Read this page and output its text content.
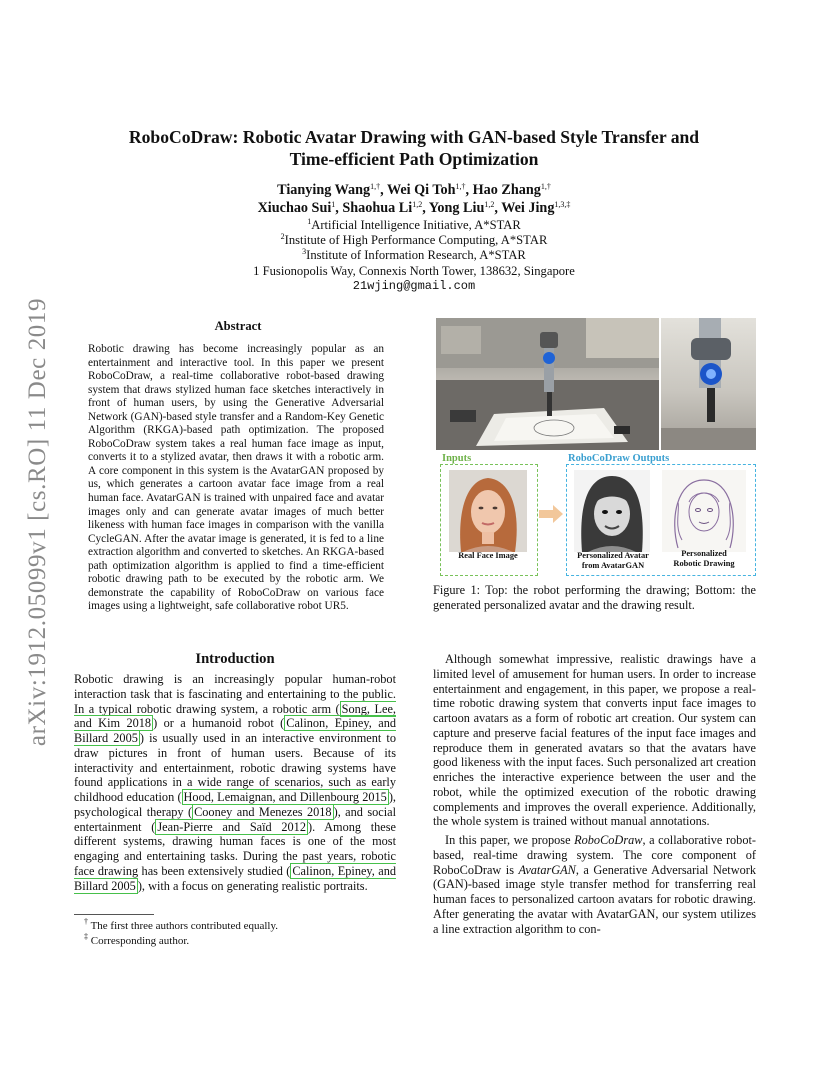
arXiv:1912.05099v1 [cs.RO] 11 Dec 2019
RoboCoDraw: Robotic Avatar Drawing with GAN-based Style Transfer and
Time-efficient Path Optimization
Tianying Wang$^{1,\dagger}$, Wei Qi Toh$^{1,\dagger}$, Hao Zhang$^{1,\dagger}$
Xiuchao Sui$^1$, Shaohua Li$^{1,2}$, Yong Liu$^{1,2}$, Wei Jing$^{1,3,\ddagger}$
$^1$Artificial Intelligence Initiative, A*STAR
$^2$Institute of High Performance Computing, A*STAR
$^3$Institute of Information Research, A*STAR
1 Fusionopolis Way, Connexis North Tower, 138632, Singapore
21wjing@gmail.com
Abstract
Robotic drawing has become increasingly popular as an entertainment and interactive tool. In this paper we present RoboCoDraw, a real-time collaborative robot-based drawing system that draws stylized human face sketches interactively in front of human users, by using the Generative Adversarial Network (GAN)-based style transfer and a Random-Key Genetic Algorithm (RKGA)-based path optimization. The proposed RoboCoDraw system takes a real human face image as input, converts it to a stylized avatar, then draws it with a robotic arm. A core component in this system is the AvatarGAN proposed by us, which generates a cartoon avatar face image from a real human face. AvatarGAN is trained with unpaired face and avatar images only and can generate avatar images of much better likeness with human face images in comparison with the vanilla CycleGAN. After the avatar image is generated, it is fed to a line extraction algorithm and converted to sketches. An RKGA-based path optimization algorithm is applied to find a time-efficient robotic drawing path to be executed by the robotic arm. We demonstrate the capability of RoboCoDraw on various face images using a lightweight, safe collaborative robot UR5.
Inputs	RoboCoDraw Outputs
Real Face Image	Personalized Avatar
from AvatarGAN
Personalized
Robotic Drawing
Figure 1: Top: the robot performing the drawing; Bottom: the generated personalized avatar and the drawing result.
Introduction

Robotic drawing is an increasingly popular human-robot interaction task that is fascinating and entertaining to the public. In a typical robotic drawing system, a robotic arm ( Song, Lee, and Kim 2018 ) or a humanoid robot ( Calinon, Epiney, and Billard 2005 ) is usually used in an interactive environment to draw pictures in front of human users. Because of its interactivity and entertainment, robotic drawing systems have found applications in a wide range of scenarios, such as early childhood education ( Hood, Lemaignan, and Dillenbourg 2015 ), psychological therapy ( Cooney and Menezes 2018 ), and social entertainment ( Jean-Pierre and Saïd 2012 ). Among these different systems, drawing human faces is one of the most engaging and entertaining tasks. During the past years, robotic face drawing has been extensively studied ( Calinon, Epiney, and Billard 2005 ), with a focus on generating realistic portraits.

† The first three authors contributed equally.
‡ Corresponding author.

Although somewhat impressive, realistic drawings have a limited level of amusement for human users. In order to increase entertainment and engagement, in this paper, we propose a real-time robotic drawing system that converts input face images to cartoon avatars as a form of robotic art creation. Our system can capture and preserve facial features of the input face images and reproduce them in generated avatars so that the avatars have good likeness with the input faces. Such personalized art creation enriches the interactive experience between the user and the robot, while the optimized execution of the robotic drawing complements and improves the overall experience. Additionally, the whole system is trained without manual annotations.

In this paper, we propose RoboCoDraw, a collaborative robot-based, real-time drawing system. The core component of RoboCoDraw is AvatarGAN, a Generative Adversarial Network (GAN)-based image style transfer method for transferring real human faces to personalized cartoon avatars for robotic drawing. After generating the avatar with AvatarGAN, our system utilizes a line extraction algorithm to con-
